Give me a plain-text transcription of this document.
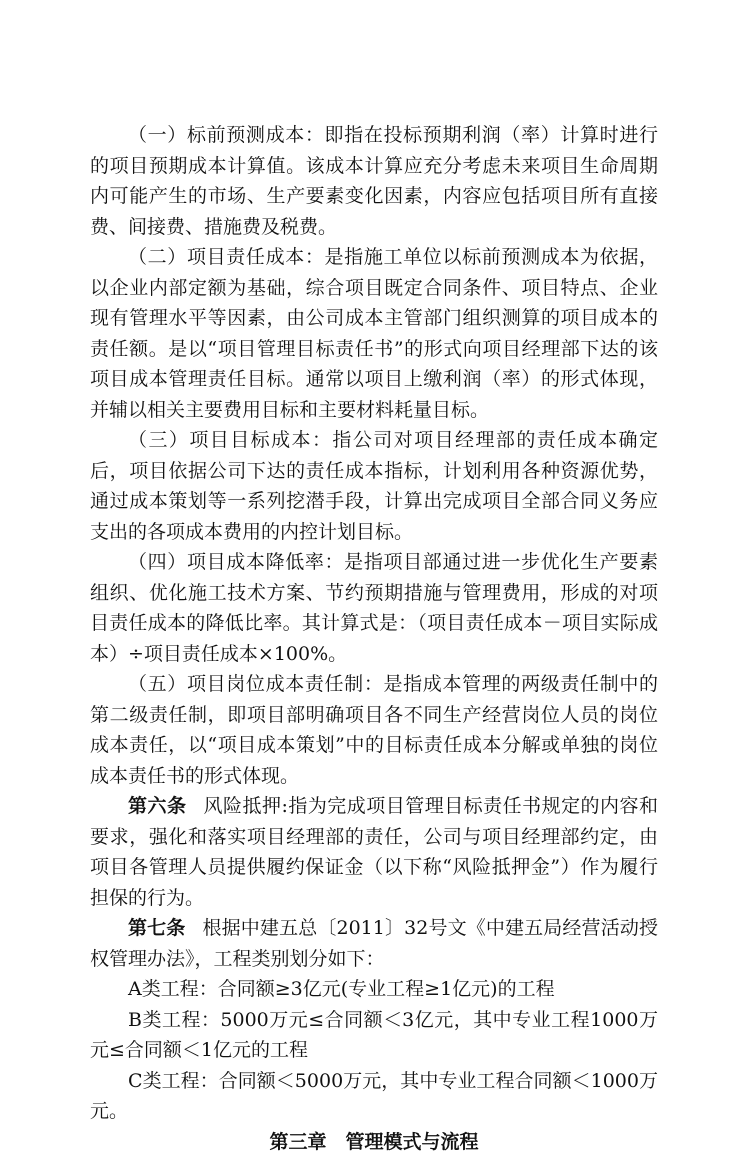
（一）标前预测成本：即指在投标预期利润（率）计算时进行的项目预期成本计算值。该成本计算应充分考虑未来项目生命周期内可能产生的市场、生产要素变化因素，内容应包括项目所有直接费、间接费、措施费及税费。

（二）项目责任成本：是指施工单位以标前预测成本为依据，以企业内部定额为基础，综合项目既定合同条件、项目特点、企业现有管理水平等因素，由公司成本主管部门组织测算的项目成本的责任额。是以“项目管理目标责任书”的形式向项目经理部下达的该项目成本管理责任目标。通常以项目上缴利润（率）的形式体现，并辅以相关主要费用目标和主要材料耗量目标。

（三）项目目标成本：指公司对项目经理部的责任成本确定后，项目依据公司下达的责任成本指标，计划利用各种资源优势，通过成本策划等一系列挖潜手段，计算出完成项目全部合同义务应支出的各项成本费用的内控计划目标。

（四）项目成本降低率：是指项目部通过进一步优化生产要素组织、优化施工技术方案、节约预期措施与管理费用，形成的对项目责任成本的降低比率。其计算式是：（项目责任成本－项目实际成本）÷项目责任成本×100%。

（五）项目岗位成本责任制：是指成本管理的两级责任制中的第二级责任制，即项目部明确项目各不同生产经营岗位人员的岗位成本责任，以“项目成本策划”中的目标责任成本分解或单独的岗位成本责任书的形式体现。

第六条 风险抵押:指为完成项目管理目标责任书规定的内容和要求，强化和落实项目经理部的责任，公司与项目经理部约定，由项目各管理人员提供履约保证金（以下称“风险抵押金”）作为履行担保的行为。

第七条 根据中建五总〔2011〕32号文《中建五局经营活动授权管理办法》，工程类别划分如下：

A类工程：合同额≥3亿元(专业工程≥1亿元)的工程

B类工程：5000万元≤合同额＜3亿元，其中专业工程1000万元≤合同额＜1亿元的工程

C类工程：合同额＜5000万元，其中专业工程合同额＜1000万元。

第三章　管理模式与流程
